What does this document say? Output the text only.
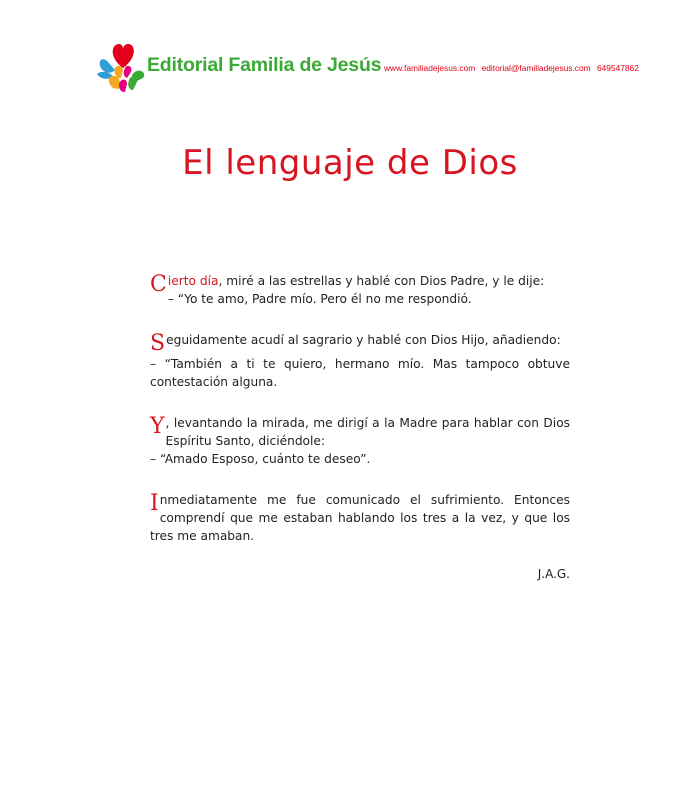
Editorial Familia de Jesús www.familiadejesus.com editorial@familiadejesus.com 649547862
El lenguaje de Dios
C ierto día, miré a las estrellas y hablé con Dios Padre, y le dije:
– “Yo te amo, Padre mío. Pero él no me respondió.
S eguidamente acudí al sagrario y hablé con Dios Hijo, añadiendo:
– “También a ti te quiero, hermano mío. Mas tampoco obtuve contestación alguna.
Y , levantando la mirada, me dirigí a la Madre para hablar con Dios Espíritu Santo, diciéndole:
– “Amado Esposo, cuánto te deseo”.
I nmediatamente me fue comunicado el sufrimiento. Entonces comprendí que me estaban hablando los tres a la vez, y que los tres me amaban.
J.A.G.
